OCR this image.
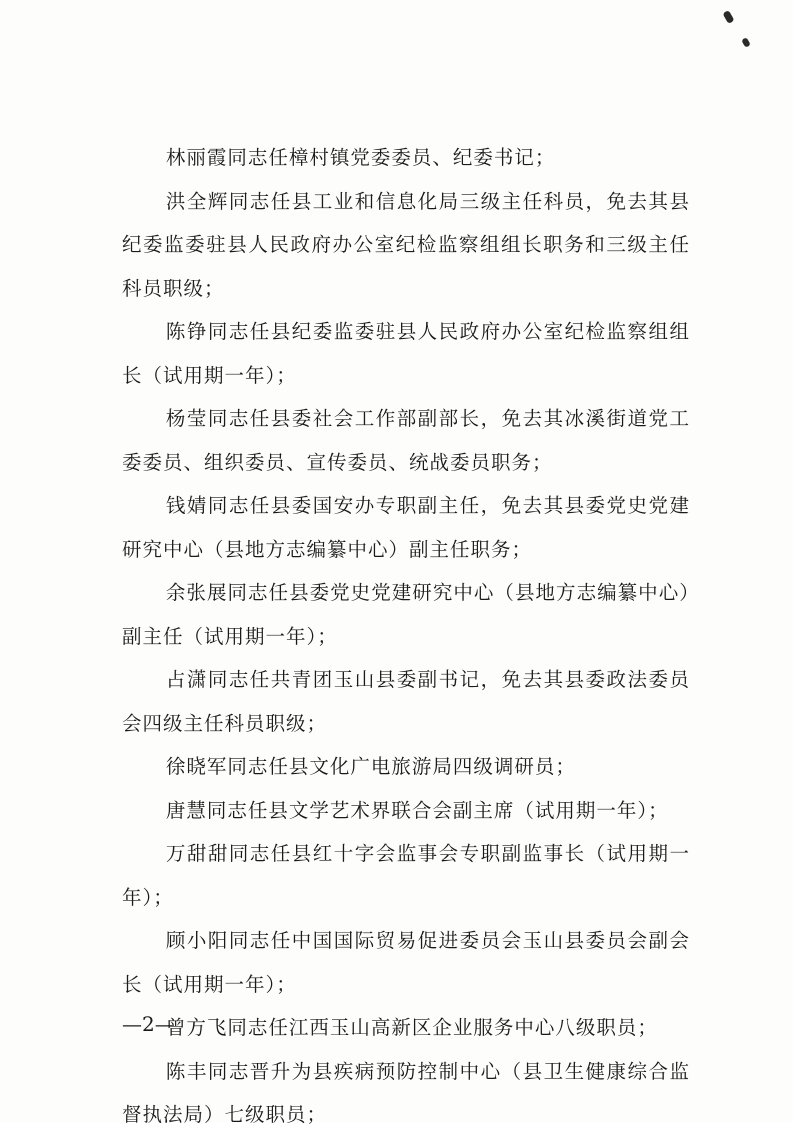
林丽霞同志任樟村镇党委委员、纪委书记；

洪全辉同志任县工业和信息化局三级主任科员，免去其县纪委监委驻县人民政府办公室纪检监察组组长职务和三级主任科员职级；

陈铮同志任县纪委监委驻县人民政府办公室纪检监察组组长（试用期一年）；

杨莹同志任县委社会工作部副部长，免去其冰溪街道党工委委员、组织委员、宣传委员、统战委员职务；

钱婧同志任县委国安办专职副主任，免去其县委党史党建研究中心（县地方志编纂中心）副主任职务；

余张展同志任县委党史党建研究中心（县地方志编纂中心）副主任（试用期一年）；

占潇同志任共青团玉山县委副书记，免去其县委政法委员会四级主任科员职级；

徐晓军同志任县文化广电旅游局四级调研员；

唐慧同志任县文学艺术界联合会副主席（试用期一年）；

万甜甜同志任县红十字会监事会专职副监事长（试用期一年）；

顾小阳同志任中国国际贸易促进委员会玉山县委员会副会长（试用期一年）；

曾方飞同志任江西玉山高新区企业服务中心八级职员；

陈丰同志晋升为县疾病预防控制中心（县卫生健康综合监督执法局）七级职员；

—2—
